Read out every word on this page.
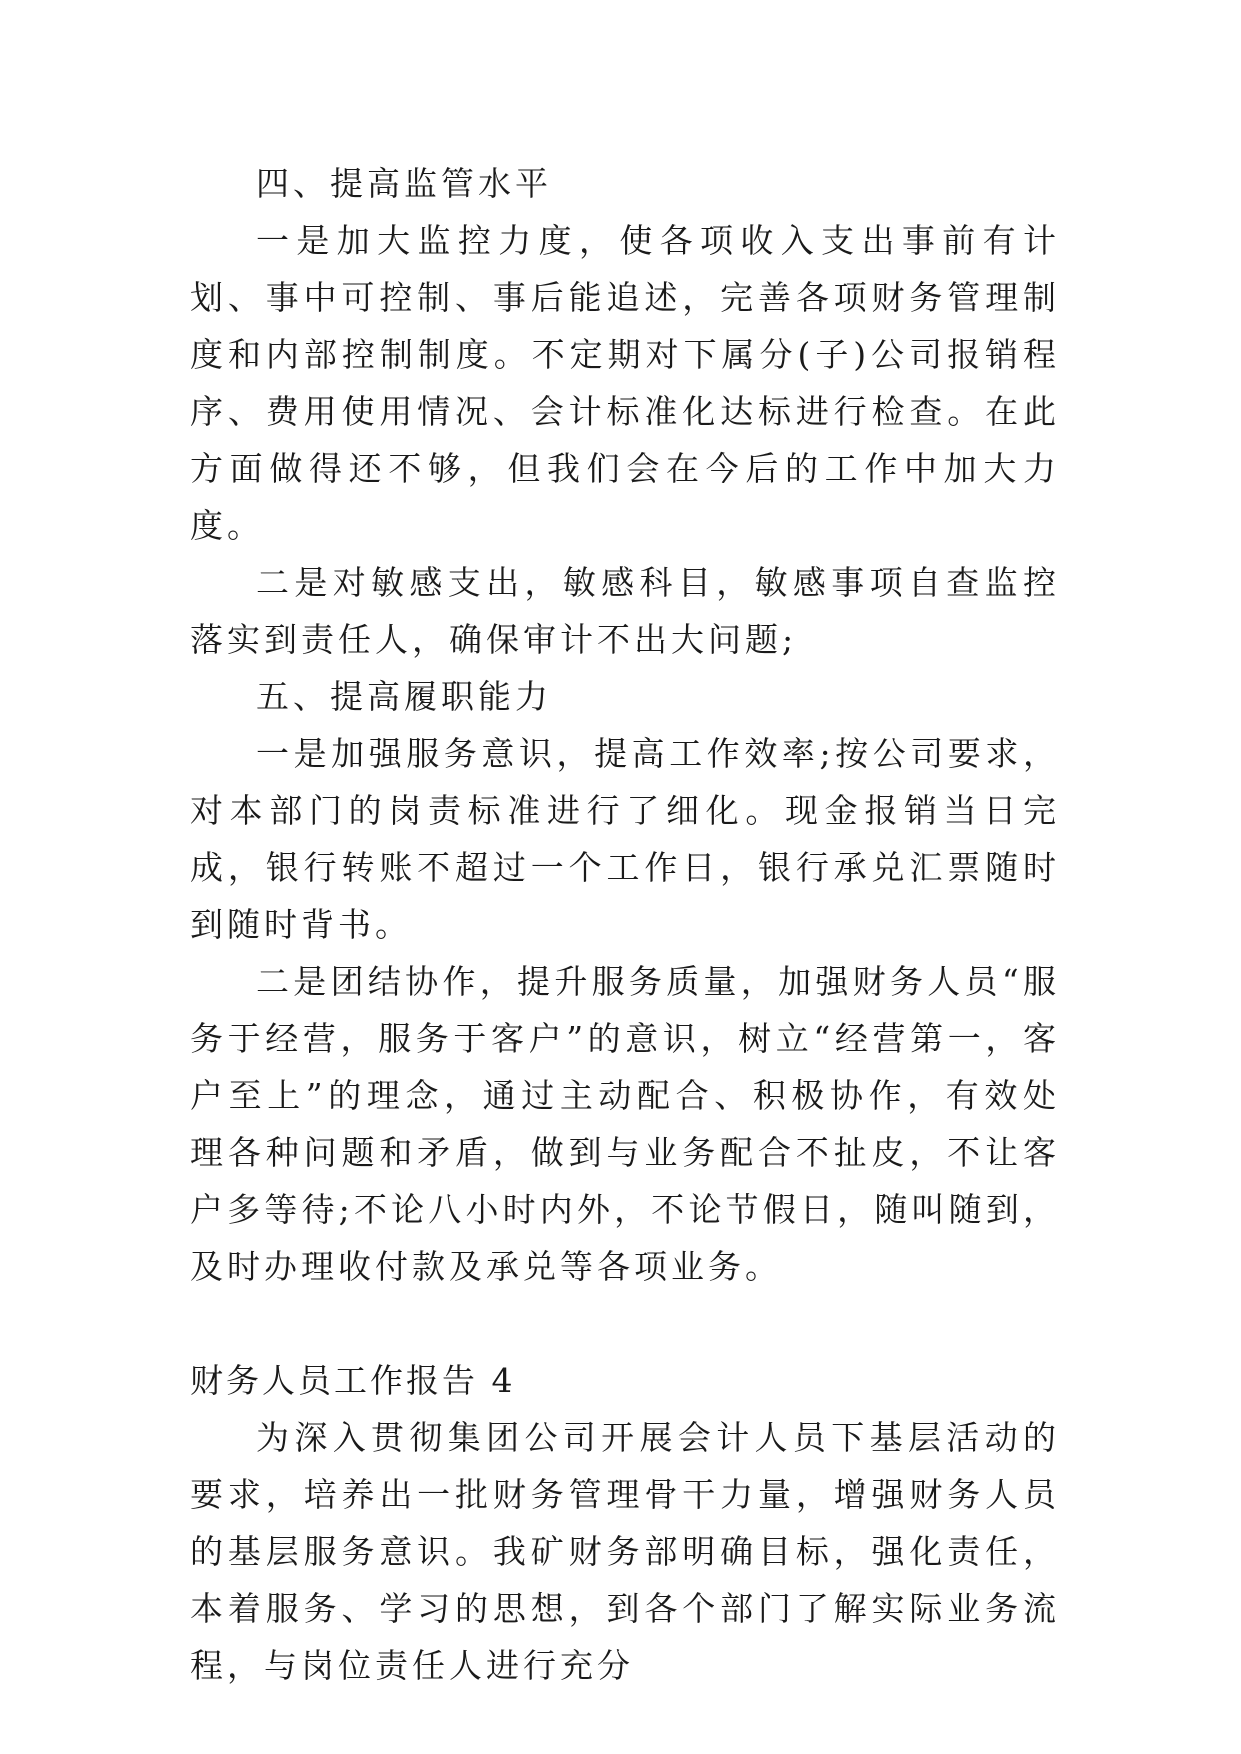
四、提高监管水平

一是加大监控力度，使各项收入支出事前有计划、事中可控制、事后能追述，完善各项财务管理制度和内部控制制度。不定期对下属分(子)公司报销程序、费用使用情况、会计标准化达标进行检查。在此方面做得还不够，但我们会在今后的工作中加大力度。

二是对敏感支出，敏感科目，敏感事项自查监控落实到责任人，确保审计不出大问题;

五、提高履职能力

一是加强服务意识，提高工作效率;按公司要求，对本部门的岗责标准进行了细化。现金报销当日完成，银行转账不超过一个工作日，银行承兑汇票随时到随时背书。

二是团结协作，提升服务质量，加强财务人员“服务于经营，服务于客户”的意识，树立“经营第一，客户至上”的理念，通过主动配合、积极协作，有效处理各种问题和矛盾，做到与业务配合不扯皮，不让客户多等待;不论八小时内外，不论节假日，随叫随到，及时办理收付款及承兑等各项业务。

财务人员工作报告 4

为深入贯彻集团公司开展会计人员下基层活动的要求，培养出一批财务管理骨干力量，增强财务人员的基层服务意识。我矿财务部明确目标，强化责任，本着服务、学习的思想，到各个部门了解实际业务流程，与岗位责任人进行充分
